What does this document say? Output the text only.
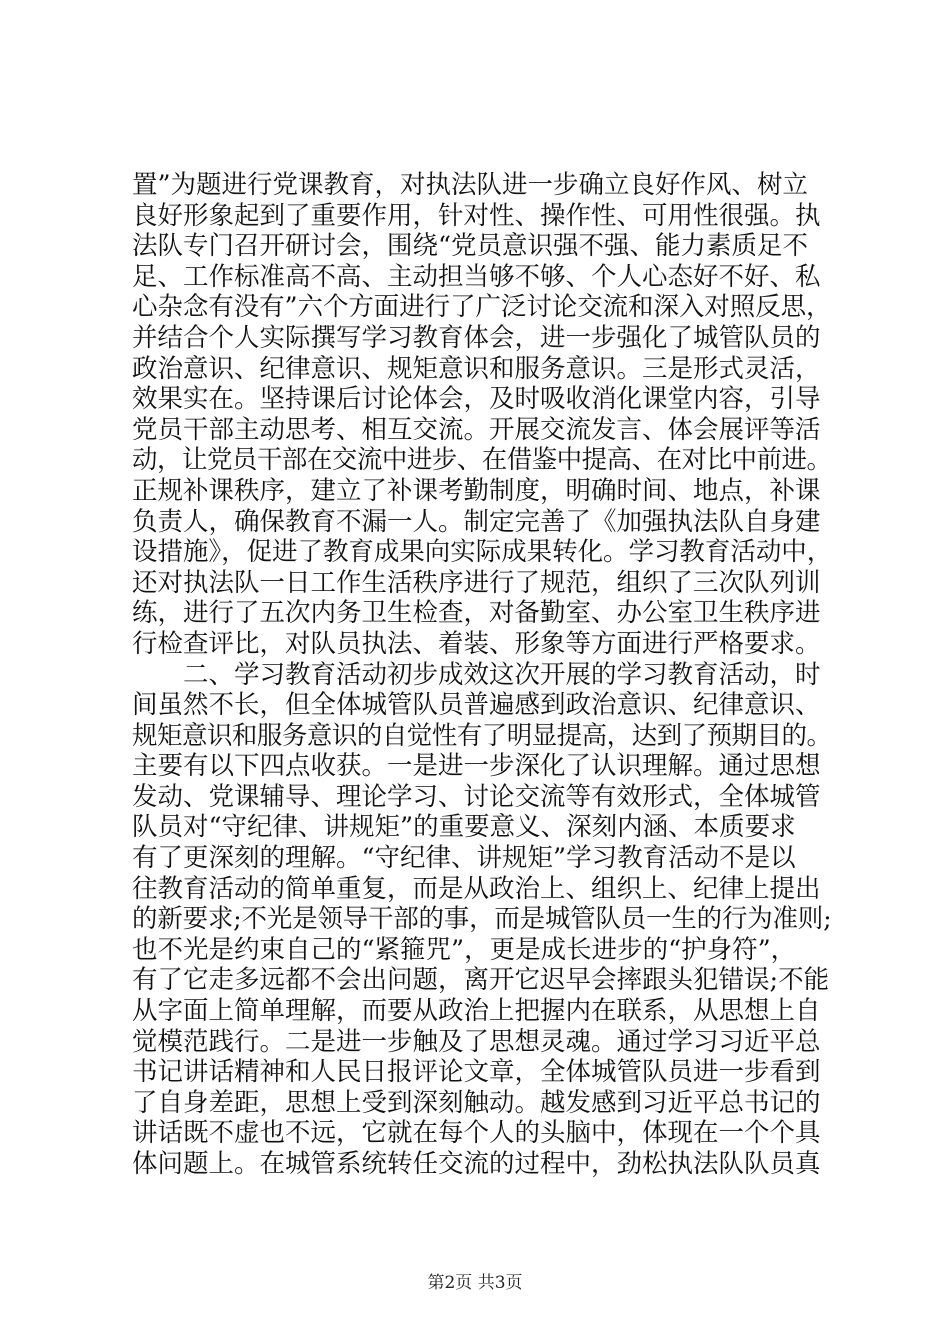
置”为题进行党课教育，对执法队进一步确立良好作风、树立
良好形象起到了重要作用，针对性、操作性、可用性很强。执
法队专门召开研讨会，围绕“党员意识强不强、能力素质足不
足、工作标准高不高、主动担当够不够、个人心态好不好、私
心杂念有没有”六个方面进行了广泛讨论交流和深入对照反思，
并结合个人实际撰写学习教育体会，进一步强化了城管队员的
政治意识、纪律意识、规矩意识和服务意识。三是形式灵活，
效果实在。坚持课后讨论体会，及时吸收消化课堂内容，引导
党员干部主动思考、相互交流。开展交流发言、体会展评等活
动，让党员干部在交流中进步、在借鉴中提高、在对比中前进。
正规补课秩序，建立了补课考勤制度，明确时间、地点，补课
负责人，确保教育不漏一人。制定完善了《加强执法队自身建
设措施》，促进了教育成果向实际成果转化。学习教育活动中，
还对执法队一日工作生活秩序进行了规范，组织了三次队列训
练，进行了五次内务卫生检查，对备勤室、办公室卫生秩序进
行检查评比，对队员执法、着装、形象等方面进行严格要求。
　　二、学习教育活动初步成效这次开展的学习教育活动，时
间虽然不长，但全体城管队员普遍感到政治意识、纪律意识、
规矩意识和服务意识的自觉性有了明显提高，达到了预期目的。
主要有以下四点收获。一是进一步深化了认识理解。通过思想
发动、党课辅导、理论学习、讨论交流等有效形式，全体城管
队员对“守纪律、讲规矩”的重要意义、深刻内涵、本质要求
有了更深刻的理解。“守纪律、讲规矩”学习教育活动不是以
往教育活动的简单重复，而是从政治上、组织上、纪律上提出
的新要求;不光是领导干部的事，而是城管队员一生的行为准则;
也不光是约束自己的“紧箍咒”，更是成长进步的“护身符”，
有了它走多远都不会出问题，离开它迟早会摔跟头犯错误;不能
从字面上简单理解，而要从政治上把握内在联系，从思想上自
觉模范践行。二是进一步触及了思想灵魂。通过学习习近平总
书记讲话精神和人民日报评论文章，全体城管队员进一步看到
了自身差距，思想上受到深刻触动。越发感到习近平总书记的
讲话既不虚也不远，它就在每个人的头脑中，体现在一个个具
体问题上。在城管系统转任交流的过程中，劲松执法队队员真
第2页 共3页
